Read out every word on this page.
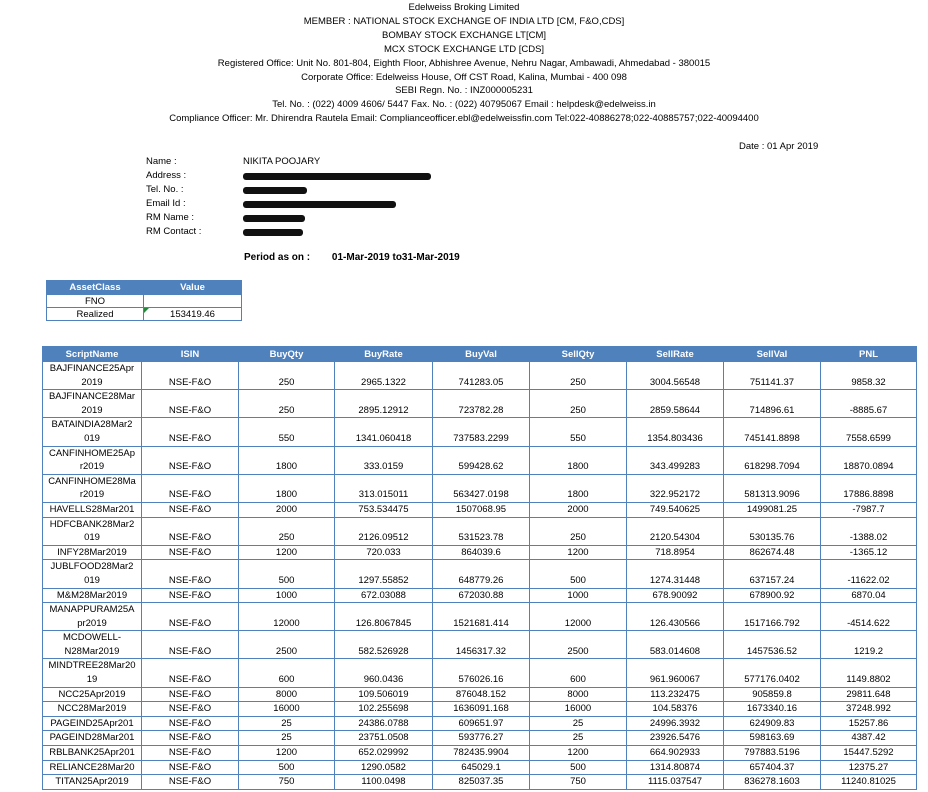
Edelweiss Broking Limited
MEMBER : NATIONAL STOCK EXCHANGE OF INDIA LTD [CM, F&O,CDS]
BOMBAY STOCK EXCHANGE LT[CM]
MCX STOCK EXCHANGE LTD [CDS]
Registered Office: Unit No. 801-804, Eighth Floor, Abhishree Avenue, Nehru Nagar, Ambawadi, Ahmedabad - 380015
Corporate Office: Edelweiss House, Off CST Road, Kalina, Mumbai - 400 098
SEBI Regn. No. : INZ000005231
Tel. No. : (022) 4009 4606/ 5447 Fax. No. : (022) 40795067 Email : helpdesk@edelweiss.in
Compliance Officer: Mr. Dhirendra Rautela Email: Complianceofficer.ebl@edelweissfin.com Tel:022-40886278;022-40885757;022-40094400
Date : 01 Apr 2019
Name :	NIKITA POOJARY
Address :
Tel. No. :
Email Id :
RM Name :
RM Contact :
Period as on : 01-Mar-2019 to31-Mar-2019
AssetClass	Value
FNO	
Realized	153419.46
ScriptName	ISIN	BuyQty	BuyRate	BuyVal	SellQty	SellRate	SellVal	PNL

BAJFINANCE25Apr
2019	NSE-F&O	250	2965.1322	741283.05	250	3004.56548	751141.37	9858.32

BAJFINANCE28Mar
2019	NSE-F&O	250	2895.12912	723782.28	250	2859.58644	714896.61	-8885.67

BATAINDIA28Mar2
019	NSE-F&O	550	1341.060418	737583.2299	550	1354.803436	745141.8898	7558.6599

CANFINHOME25Ap
r2019	NSE-F&O	1800	333.0159	599428.62	1800	343.499283	618298.7094	18870.0894

CANFINHOME28Ma
r2019	NSE-F&O	1800	313.015011	563427.0198	1800	322.952172	581313.9096	17886.8898

HAVELLS28Mar201	NSE-F&O	2000	753.534475	1507068.95	2000	749.540625	1499081.25	-7987.7

HDFCBANK28Mar2
019	NSE-F&O	250	2126.09512	531523.78	250	2120.54304	530135.76	-1388.02

INFY28Mar2019	NSE-F&O	1200	720.033	864039.6	1200	718.8954	862674.48	-1365.12

JUBLFOOD28Mar2
019	NSE-F&O	500	1297.55852	648779.26	500	1274.31448	637157.24	-11622.02

M&M28Mar2019	NSE-F&O	1000	672.03088	672030.88	1000	678.90092	678900.92	6870.04

MANAPPURAM25A
pr2019	NSE-F&O	12000	126.8067845	1521681.414	12000	126.430566	1517166.792	-4514.622

MCDOWELL-
N28Mar2019	NSE-F&O	2500	582.526928	1456317.32	2500	583.014608	1457536.52	1219.2

MINDTREE28Mar20
19	NSE-F&O	600	960.0436	576026.16	600	961.960067	577176.0402	1149.8802

NCC25Apr2019	NSE-F&O	8000	109.506019	876048.152	8000	113.232475	905859.8	29811.648

NCC28Mar2019	NSE-F&O	16000	102.255698	1636091.168	16000	104.58376	1673340.16	37248.992

PAGEIND25Apr201	NSE-F&O	25	24386.0788	609651.97	25	24996.3932	624909.83	15257.86

PAGEIND28Mar201	NSE-F&O	25	23751.0508	593776.27	25	23926.5476	598163.69	4387.42

RBLBANK25Apr201	NSE-F&O	1200	652.029992	782435.9904	1200	664.902933	797883.5196	15447.5292

RELIANCE28Mar20	NSE-F&O	500	1290.0582	645029.1	500	1314.80874	657404.37	12375.27

TITAN25Apr2019	NSE-F&O	750	1100.0498	825037.35	750	1115.037547	836278.1603	11240.81025
